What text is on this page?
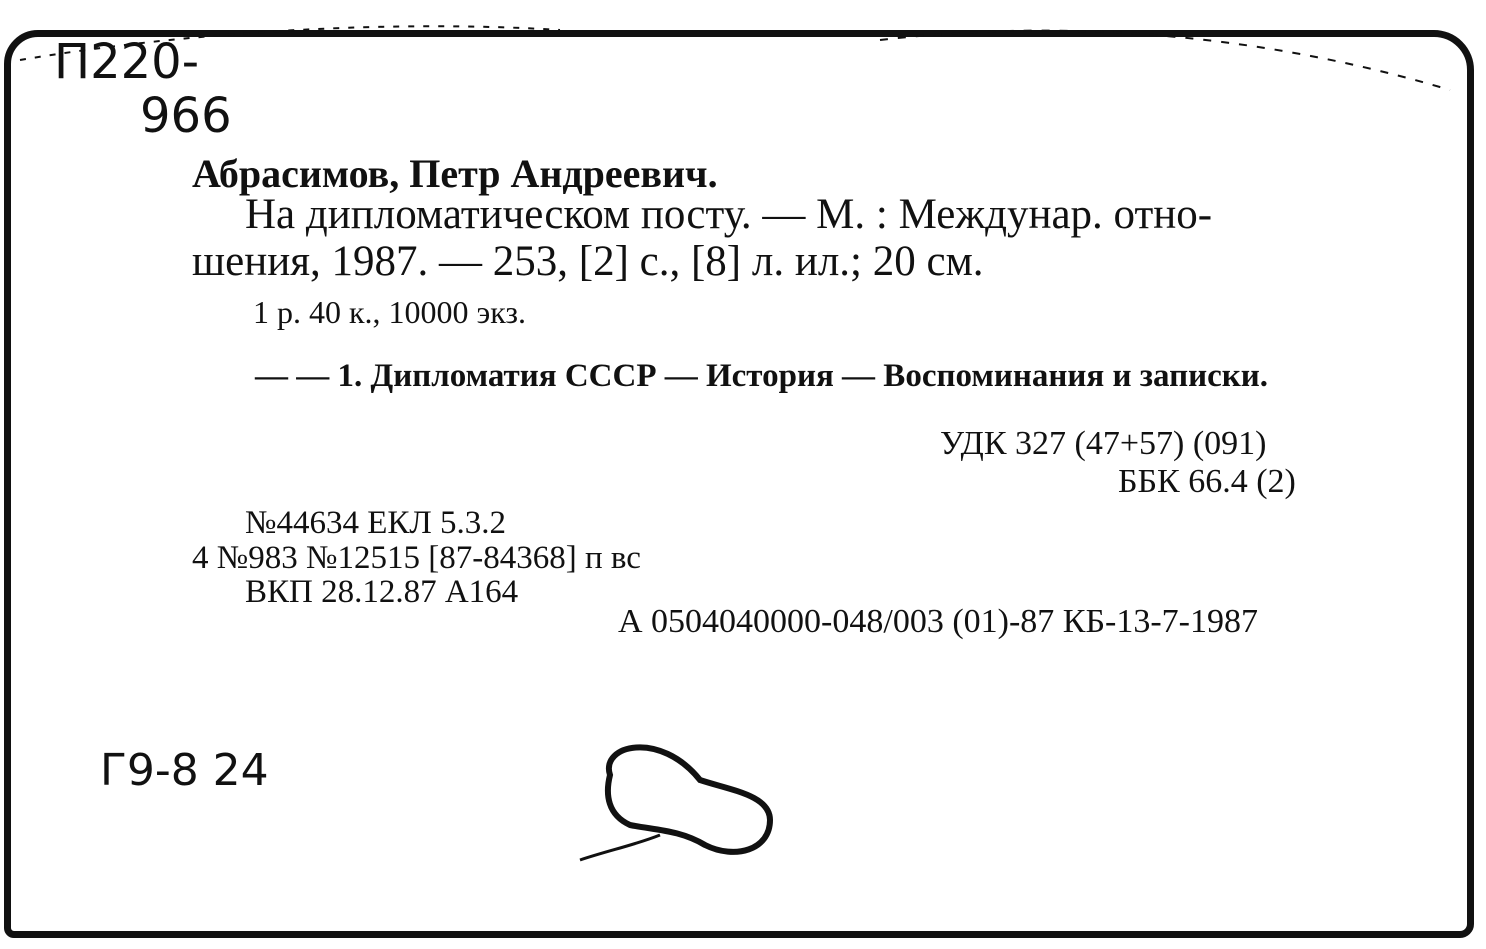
П220-
966
Абрасимов, Петр Андреевич.
На дипломатическом посту. — М. : Междунар. отно-
шения, 1987. — 253, [2] с., [8] л. ил.; 20 см.
1 р. 40 к., 10000 экз.
— — 1. Дипломатия СССР — История — Воспоминания и записки.
УДК 327 (47+57) (091)
ББК 66.4 (2)
№44634 ЕКЛ 5.3.2
4 №983 №12515 [87-84368] п вс
ВКП 28.12.87 А164
А 0504040000-048/003 (01)-87 КБ-13-7-1987
Г9-8 24
